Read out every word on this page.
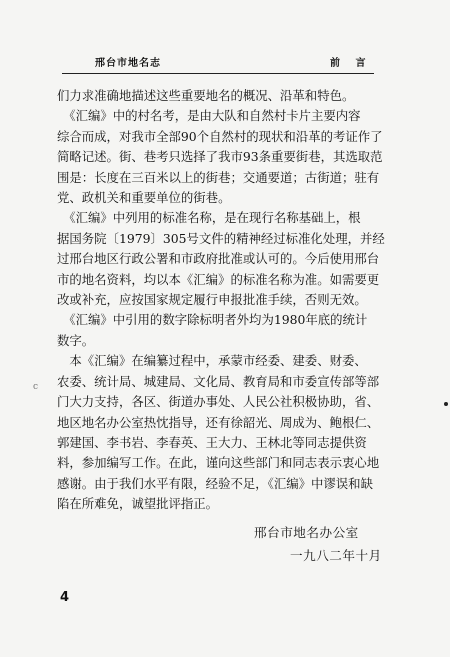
邢台市地名志	前 言

们力求准确地描述这些重要地名的概况、沿革和特色。

　《汇编》中的村名考，是由大队和自然村卡片主要内容

综合而成，对我市全部90个自然村的现状和沿革的考证作了

简略记述。街、巷考只选择了我市93条重要街巷，其选取范

围是：长度在三百米以上的街巷；交通要道；古街道；驻有

党、政机关和重要单位的街巷。

　《汇编》中列用的标准名称，是在现行名称基础上，根

据国务院〔1979〕305号文件的精神经过标准化处理，并经

过邢台地区行政公署和市政府批准或认可的。今后使用邢台

市的地名资料，均以本《汇编》的标准名称为准。如需要更

改或补充，应按国家规定履行申报批准手续，否则无效。

　《汇编》中引用的数字除标明者外均为1980年底的统计

数字。

　本《汇编》在编纂过程中，承蒙市经委、建委、财委、

农委、统计局、城建局、文化局、教育局和市委宣传部等部

门大力支持，各区、街道办事处、人民公社积极协助，省、

地区地名办公室热忱指导，还有徐韶光、周成为、鲍根仁、

郭建国、李书岩、李春英、王大力、王林北等同志提供资

料，参加编写工作。在此，谨向这些部门和同志表示衷心地

感谢。由于我们水平有限，经验不足，《汇编》中谬误和缺

陷在所难免，诚望批评指正。

邢台市地名办公室
一九八二年十月
4
c
